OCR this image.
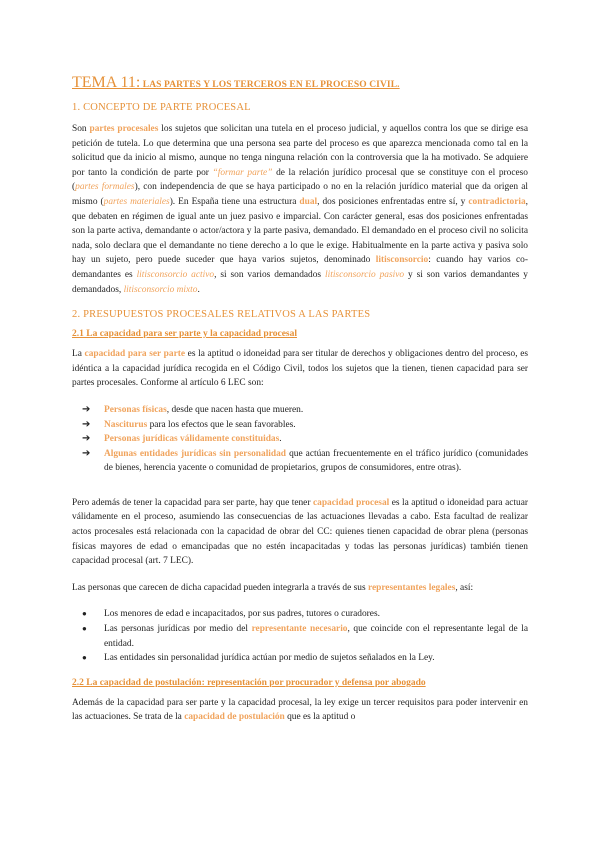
TEMA 11: LAS PARTES Y LOS TERCEROS EN EL PROCESO CIVIL.
1. CONCEPTO DE PARTE PROCESAL

Son partes procesales los sujetos que solicitan una tutela en el proceso judicial, y aquellos contra los que se dirige esa petición de tutela. Lo que determina que una persona sea parte del proceso es que aparezca mencionada como tal en la solicitud que da inicio al mismo, aunque no tenga ninguna relación con la controversia que la ha motivado. Se adquiere por tanto la condición de parte por “formar parte” de la relación jurídico procesal que se constituye con el proceso (partes formales), con independencia de que se haya participado o no en la relación jurídico material que da origen al mismo (partes materiales). En España tiene una estructura dual, dos posiciones enfrentadas entre sí, y contradictoria, que debaten en régimen de igual ante un juez pasivo e imparcial. Con carácter general, esas dos posiciones enfrentadas son la parte activa, demandante o actor/actora y la parte pasiva, demandado. El demandado en el proceso civil no solicita nada, solo declara que el demandante no tiene derecho a lo que le exige. Habitualmente en la parte activa y pasiva solo hay un sujeto, pero puede suceder que haya varios sujetos, denominado litisconsorcio: cuando hay varios co-demandantes es litisconsorcio activo, si son varios demandados litisconsorcio pasivo y si son varios demandantes y demandados, litisconsorcio mixto.

2. PRESUPUESTOS PROCESALES RELATIVOS A LAS PARTES
2.1 La capacidad para ser parte y la capacidad procesal

La capacidad para ser parte es la aptitud o idoneidad para ser titular de derechos y obligaciones dentro del proceso, es idéntica a la capacidad jurídica recogida en el Código Civil, todos los sujetos que la tienen, tienen capacidad para ser partes procesales. Conforme al artículo 6 LEC son:

➔ Personas físicas, desde que nacen hasta que mueren.
➔ Nasciturus para los efectos que le sean favorables.
➔ Personas jurídicas válidamente constituidas.
➔ Algunas entidades jurídicas sin personalidad que actúan frecuentemente en el tráfico jurídico (comunidades de bienes, herencia yacente o comunidad de propietarios, grupos de consumidores, entre otras).

Pero además de tener la capacidad para ser parte, hay que tener capacidad procesal es la aptitud o idoneidad para actuar válidamente en el proceso, asumiendo las consecuencias de las actuaciones llevadas a cabo. Esta facultad de realizar actos procesales está relacionada con la capacidad de obrar del CC: quienes tienen capacidad de obrar plena (personas físicas mayores de edad o emancipadas que no estén incapacitadas y todas las personas jurídicas) también tienen capacidad procesal (art. 7 LEC).

Las personas que carecen de dicha capacidad pueden integrarla a través de sus representantes legales, así:

● Los menores de edad e incapacitados, por sus padres, tutores o curadores.
● Las personas jurídicas por medio del representante necesario, que coincide con el representante legal de la entidad.
● Las entidades sin personalidad jurídica actúan por medio de sujetos señalados en la Ley.
2.2 La capacidad de postulación: representación por procurador y defensa por abogado

Además de la capacidad para ser parte y la capacidad procesal, la ley exige un tercer requisitos para poder intervenir en las actuaciones. Se trata de la capacidad de postulación que es la aptitud o
